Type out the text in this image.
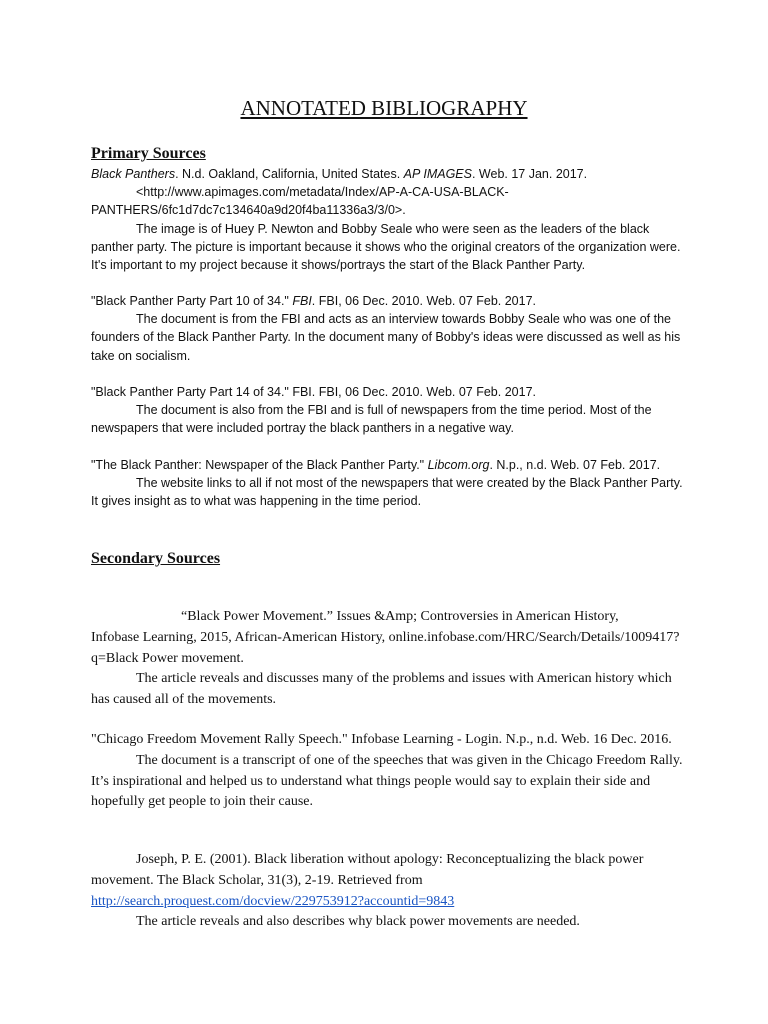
ANNOTATED BIBLIOGRAPHY
Primary Sources
Black Panthers. N.d. Oakland, California, United States. AP IMAGES. Web. 17 Jan. 2017.
<http://www.apimages.com/metadata/Index/AP-A-CA-USA-BLACK-
PANTHERS/6fc1d7dc7c134640a9d20f4ba11336a3/3/0>.
The image is of Huey P. Newton and Bobby Seale who were seen as the leaders of the black panther party. The picture is important because it shows who the original creators of the organization were. It's important to my project because it shows/portrays the start of the Black Panther Party.
"Black Panther Party Part 10 of 34." FBI. FBI, 06 Dec. 2010. Web. 07 Feb. 2017.
The document is from the FBI and acts as an interview towards Bobby Seale who was one of the founders of the Black Panther Party. In the document many of Bobby's ideas were discussed as well as his take on socialism.
"Black Panther Party Part 14 of 34." FBI. FBI, 06 Dec. 2010. Web. 07 Feb. 2017.
The document is also from the FBI and is full of newspapers from the time period. Most of the newspapers that were included portray the black panthers in a negative way.
"The Black Panther: Newspaper of the Black Panther Party." Libcom.org. N.p., n.d. Web. 07 Feb. 2017.
The website links to all if not most of the newspapers that were created by the Black Panther Party. It gives insight as to what was happening in the time period.
Secondary Sources
“Black Power Movement.” Issues &Amp; Controversies in American History,
Infobase Learning, 2015, African-American History, online.infobase.com/HRC/Search/Details/1009417?q=Black Power movement.
The article reveals and discusses many of the problems and issues with American history which has caused all of the movements.
"Chicago Freedom Movement Rally Speech." Infobase Learning - Login. N.p., n.d. Web. 16 Dec. 2016.
The document is a transcript of one of the speeches that was given in the Chicago Freedom Rally. It’s inspirational and helped us to understand what things people would say to explain their side and hopefully get people to join their cause.
Joseph, P. E. (2001). Black liberation without apology: Reconceptualizing the black power movement. The Black Scholar, 31(3), 2-19. Retrieved from
http://search.proquest.com/docview/229753912?accountid=9843
The article reveals and also describes why black power movements are needed.
